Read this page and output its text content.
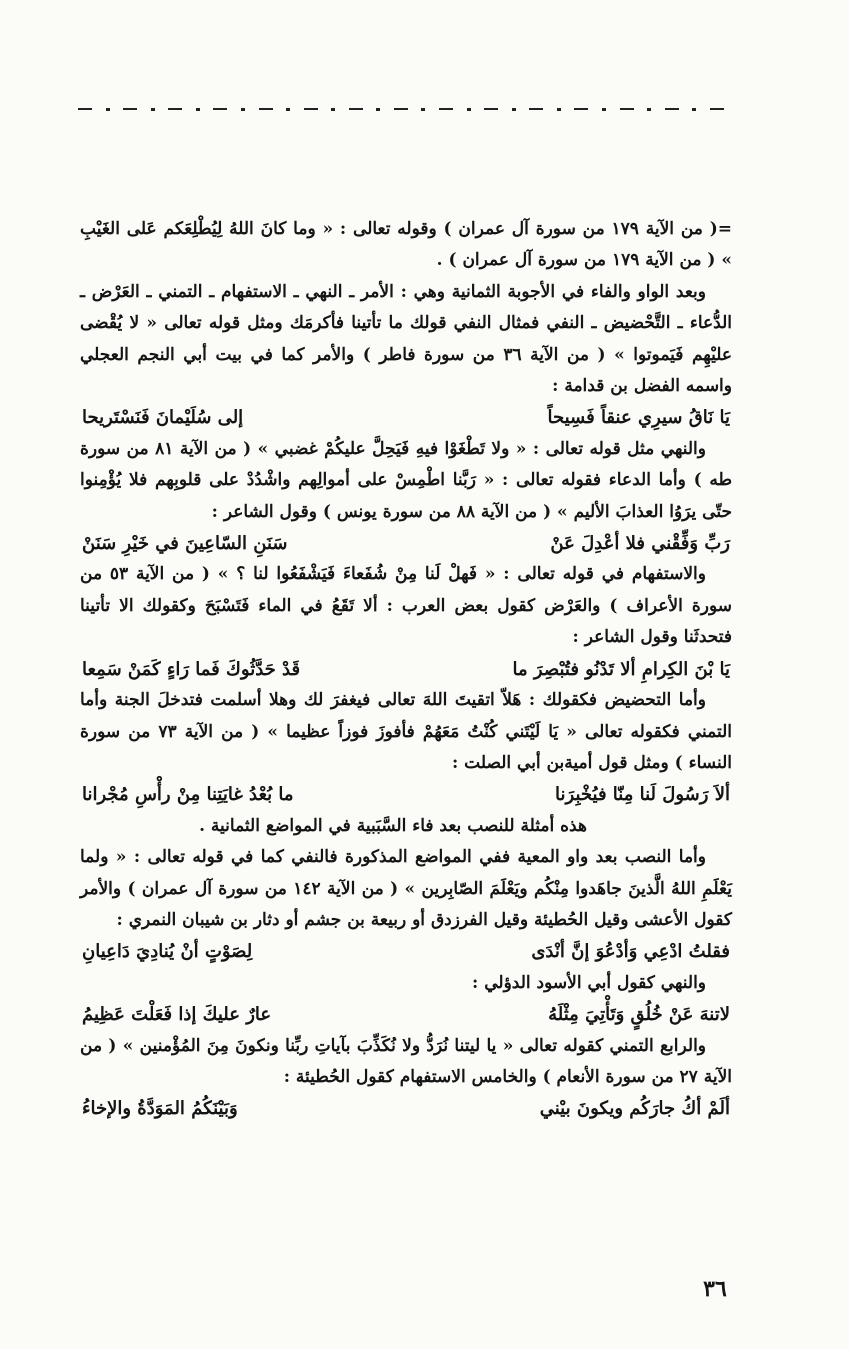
=( من الآية ١٧٩ من سورة آل عمران ) وقوله تعالى : « وما كانَ اللهُ لِيُطْلِعَكم عَلى الغَيْبِ » ( من الآية ١٧٩ من سورة آل عمران ) .

وبعد الواو والفاء في الأجوبة الثمانية وهي : الأمر ـ النهي ـ الاستفهام ـ التمني ـ العَرْض ـ الدُّعاء ـ التَّحْضيض ـ النفي فمثال النفي قولك ما تأتينا فأكرمَك ومثل قوله تعالى « لا يُقْضى عليْهِم فَيَموتوا » ( من الآية ٣٦ من سورة فاطر ) والأمر كما في بيت أبي النجم العجلي واسمه الفضل بن قدامة :

يَا نَاقُ سيرِي عنقاً فَسِيحاً
إلى سُلَيْمانَ فَنَسْتَريحا

والنهي مثل قوله تعالى : « ولا تَطْغَوْا فيهِ فَيَحِلَّ عليكُمْ غضبي » ( من الآية ٨١ من سورة طه ) وأما الدعاء فقوله تعالى : « رَبَّنا اطْمِسْ على أموالِهم واشْدُدْ على قلوبِهم فلا يُؤْمِنوا حتّى يرَوُا العذابَ الأليم » ( من الآية ٨٨ من سورة يونس ) وقول الشاعر :

رَبِّ وَفِّقْني فلا أعْدِلَ عَنْ
سَنَنِ السّاعِينَ في خَيْرِ سَنَنْ

والاستفهام في قوله تعالى : « فَهلْ لَنا مِنْ شُفَعاءَ فَيَشْفَعُوا لنا ؟ » ( من الآية ٥٣ من سورة الأعراف ) والعَرْض كقول بعض العرب : ألا تَقَعُ في الماء فَتَسْبَحَ وكقولك الا تأتينا فتحدثَنا وقول الشاعر :

يَا بْنَ الكِرامِ ألا تَدْنُو فتُبْصِرَ ما
قَدْ حَدَّثُوكَ فَما رَاءٍ كَمَنْ سَمِعا

وأما التحضيض فكقولك : هَلاّ اتقيتَ اللهَ تعالى فيغفرَ لك وهلا أسلمت فتدخلَ الجنة وأما التمني فكقوله تعالى « يَا لَيْتَني كُنْتُ مَعَهُمْ فأفوزَ فوزاً عظيما » ( من الآية ٧٣ من سورة النساء ) ومثل قول أميةبن أبي الصلت :

ألاَ رَسُولَ لَنا مِنّا فيُخْبِرَنا
ما بُعْدُ غايَتِنا مِنْ رأْسِ مُجْرانا

هذه أمثلة للنصب بعد فاء السَّبَبية في المواضع الثمانية .

وأما النصب بعد واو المعية ففي المواضع المذكورة فالنفي كما في قوله تعالى : « ولما يَعْلَمِ اللهُ الَّذينَ جاهَدوا مِنْكُم ويَعْلَمَ الصّابِرين » ( من الآية ١٤٢ من سورة آل عمران ) والأمر كقول الأعشى وقيل الحُطيئة وقيل الفرزدق أو ربيعة بن جشم أو دثار بن شيبان النمري :

فقلتُ ادْعِي وَأدْعُوَ إنَّ أنْدَى
لِصَوْتٍ أنْ يُنادِيَ دَاعِيانِ

والنهي كقول أبي الأسود الدؤلي :

لاتنهَ عَنْ خُلُقٍ وَتَأْتِيَ مِثْلَهُ
عارٌ عليكَ إذا فَعَلْتَ عَظِيمُ

والرابع التمني كقوله تعالى « يا ليتنا نُرَدُّ ولا نُكَذِّبَ بآياتِ ربِّنا ونكونَ مِنَ المُؤْمنين » ( من الآية ٢٧ من سورة الأنعام ) والخامس الاستفهام كقول الحُطيئة :

ألَمْ أكُ جارَكُم ويكونَ بيْني
وَبَيْنَكُمُ المَوَدَّةُ والإخاءُ

٣٦
